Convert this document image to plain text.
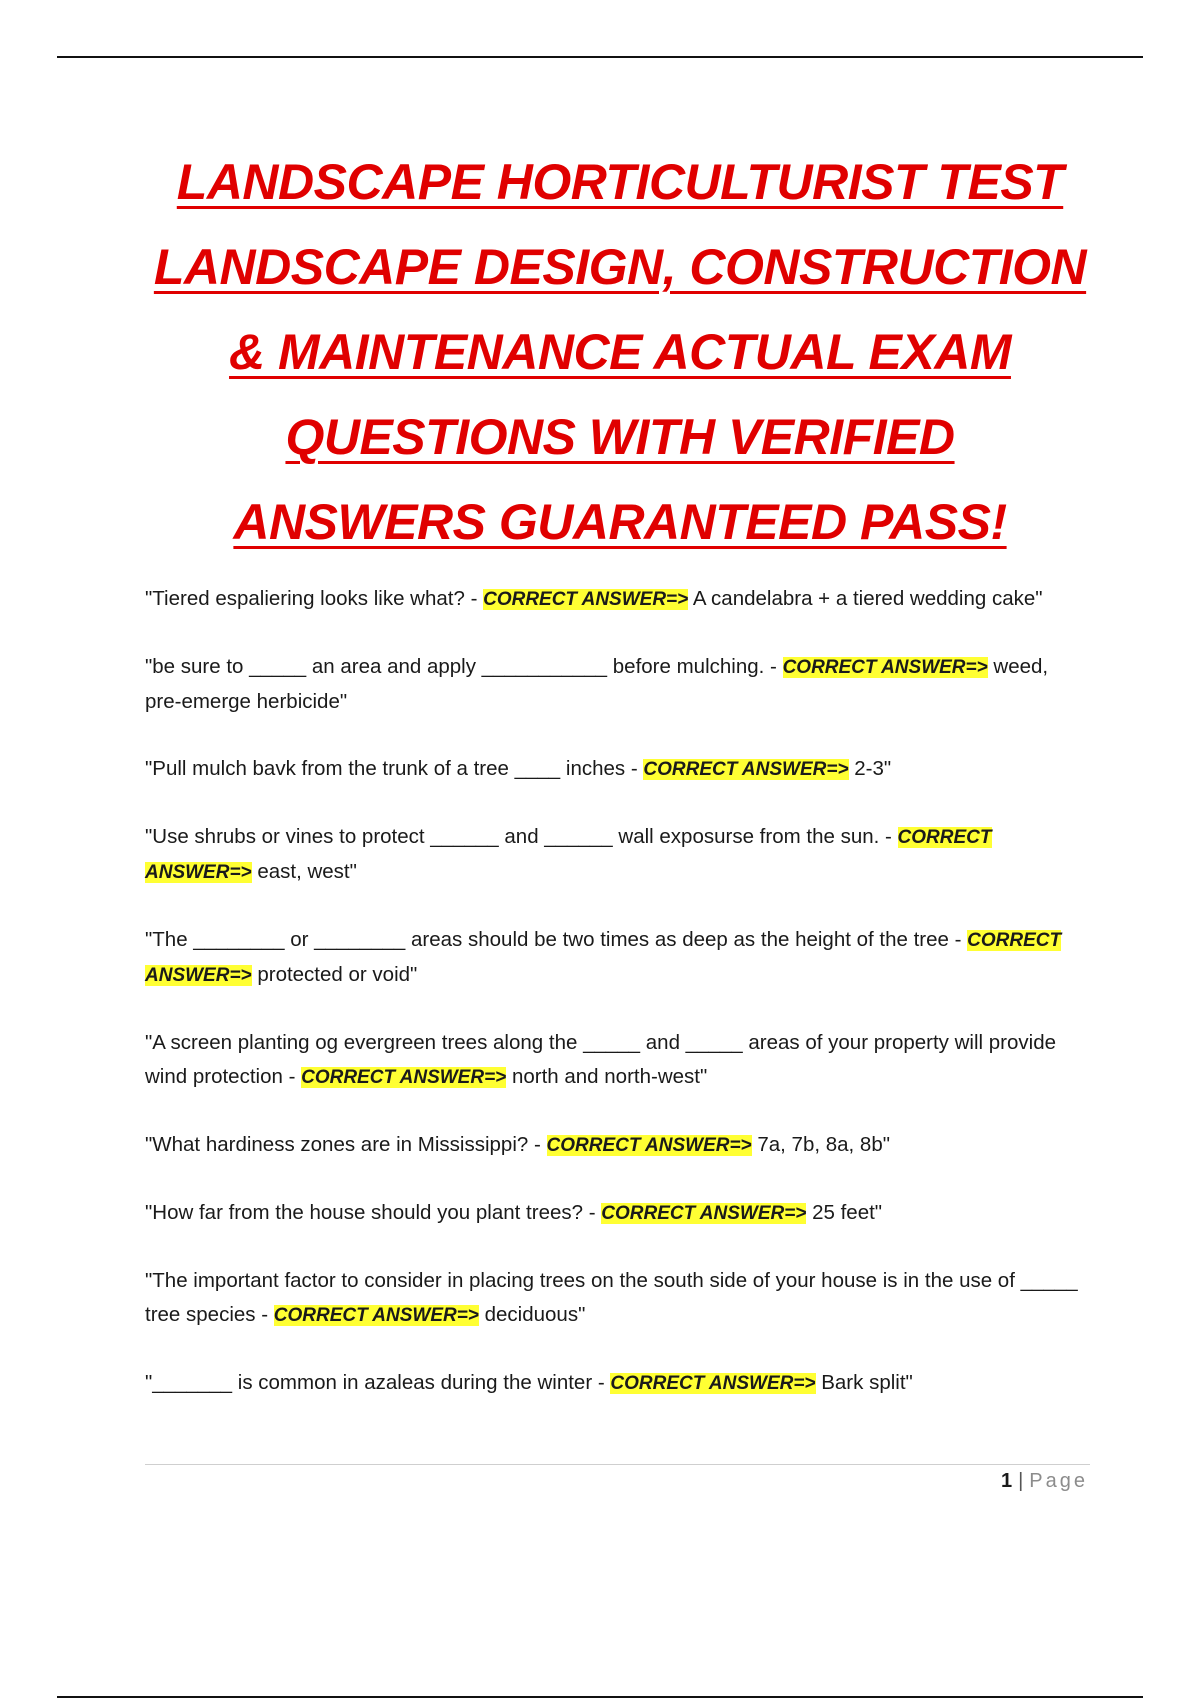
LANDSCAPE HORTICULTURIST TEST
LANDSCAPE DESIGN, CONSTRUCTION
& MAINTENANCE ACTUAL EXAM
QUESTIONS WITH VERIFIED
ANSWERS GUARANTEED PASS!
"Tiered espaliering looks like what? - CORRECT ANSWER=> A candelabra + a tiered wedding cake"
"be sure to _____ an area and apply ___________ before mulching. - CORRECT ANSWER=> weed, pre-emerge herbicide"
"Pull mulch bavk from the trunk of a tree ____ inches - CORRECT ANSWER=> 2-3"
"Use shrubs or vines to protect ______ and ______ wall exposurse from the sun. - CORRECT ANSWER=> east, west"
"The ________ or ________ areas should be two times as deep as the height of the tree - CORRECT ANSWER=> protected or void"
"A screen planting og evergreen trees along the _____ and _____ areas of your property will provide wind protection - CORRECT ANSWER=> north and north-west"
"What hardiness zones are in Mississippi? - CORRECT ANSWER=> 7a, 7b, 8a, 8b"
"How far from the house should you plant trees? - CORRECT ANSWER=> 25 feet"
"The important factor to consider in placing trees on the south side of your house is in the use of _____ tree species - CORRECT ANSWER=> deciduous"
"_______ is common in azaleas during the winter - CORRECT ANSWER=> Bark split"
1 | Page
